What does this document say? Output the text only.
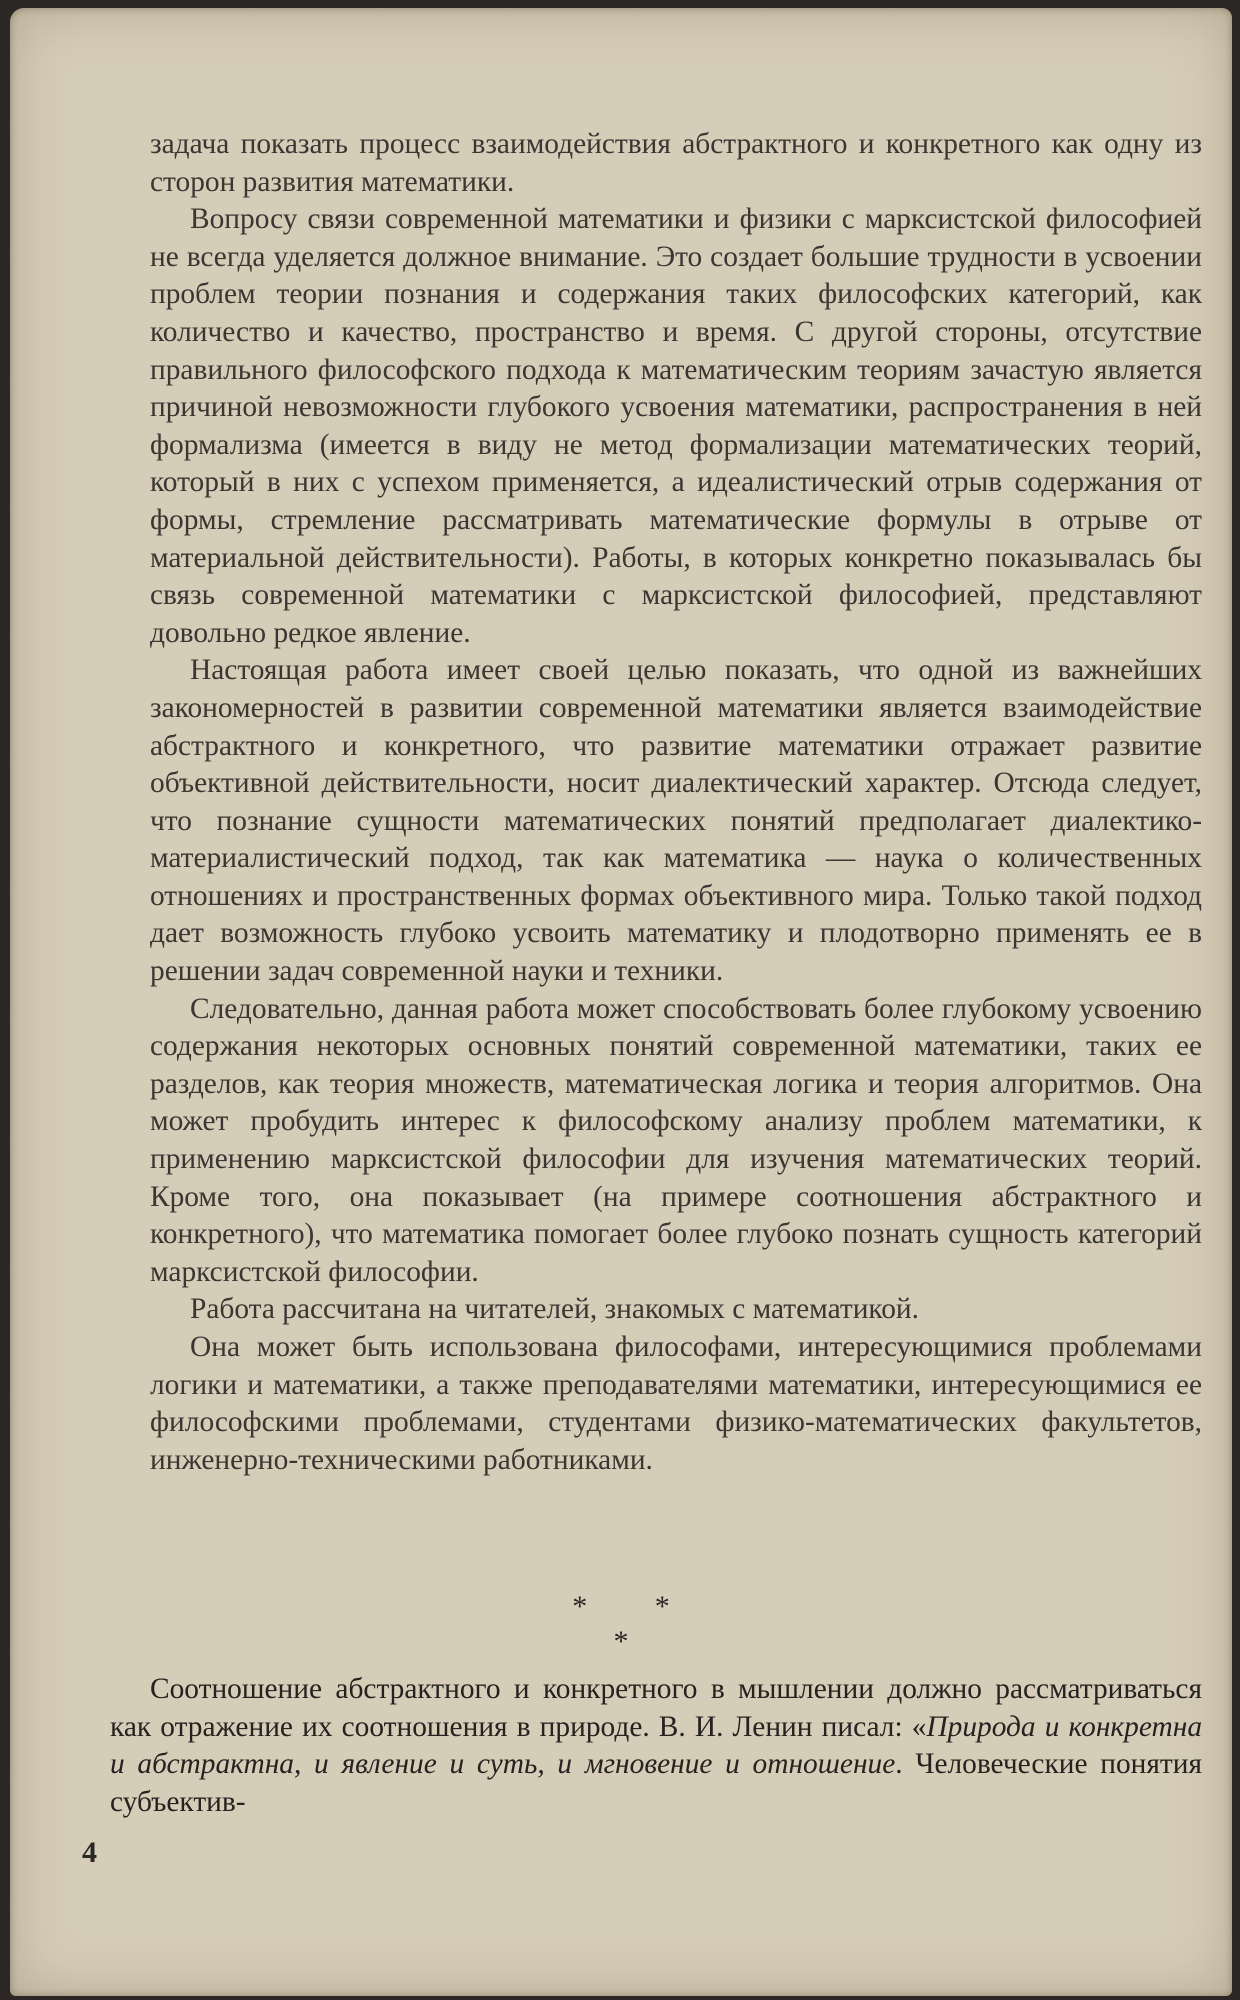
задача показать процесс взаимодействия абстрактного и конкретного как одну из сторон развития математики.

Вопросу связи современной математики и физики с марксистской философией не всегда уделяется должное внимание. Это создает большие трудности в усвоении проблем теории познания и содержания таких философских категорий, как количество и качество, пространство и время. С другой стороны, отсутствие правильного философского подхода к математическим теориям зачастую является причиной невозможности глубокого усвоения математики, распространения в ней формализма (имеется в виду не метод формализации математических теорий, который в них с успехом применяется, а идеалистический отрыв содержания от формы, стремление рассматривать математические формулы в отрыве от материальной действительности). Работы, в которых конкретно показывалась бы связь современной математики с марксистской философией, представляют довольно редкое явление.

Настоящая работа имеет своей целью показать, что одной из важнейших закономерностей в развитии современной математики является взаимодействие абстрактного и конкретного, что развитие математики отражает развитие объективной действительности, носит диалектический характер. Отсюда следует, что познание сущности математических понятий предполагает диалектико-материалистический подход, так как математика — наука о количественных отношениях и пространственных формах объективного мира. Только такой подход дает возможность глубоко усвоить математику и плодотворно применять ее в решении задач современной науки и техники.

Следовательно, данная работа может способствовать более глубокому усвоению содержания некоторых основных понятий современной математики, таких ее разделов, как теория множеств, математическая логика и теория алгоритмов. Она может пробудить интерес к философскому анализу проблем математики, к применению марксистской философии для изучения математических теорий. Кроме того, она показывает (на примере соотношения абстрактного и конкретного), что математика помогает более глубоко познать сущность категорий марксистской философии.

Работа рассчитана на читателей, знакомых с математикой.

Она может быть использована философами, интересующимися проблемами логики и математики, а также преподавателями математики, интересующимися ее философскими проблемами, студентами физико-математических факультетов, инженерно-техническими работниками.

* *
*

Соотношение абстрактного и конкретного в мышлении должно рассматриваться как отражение их соотношения в природе. В. И. Ленин писал: «Природа и конкретна и абстрактна, и явление и суть, и мгновение и отношение. Человеческие понятия субъектив-

4
